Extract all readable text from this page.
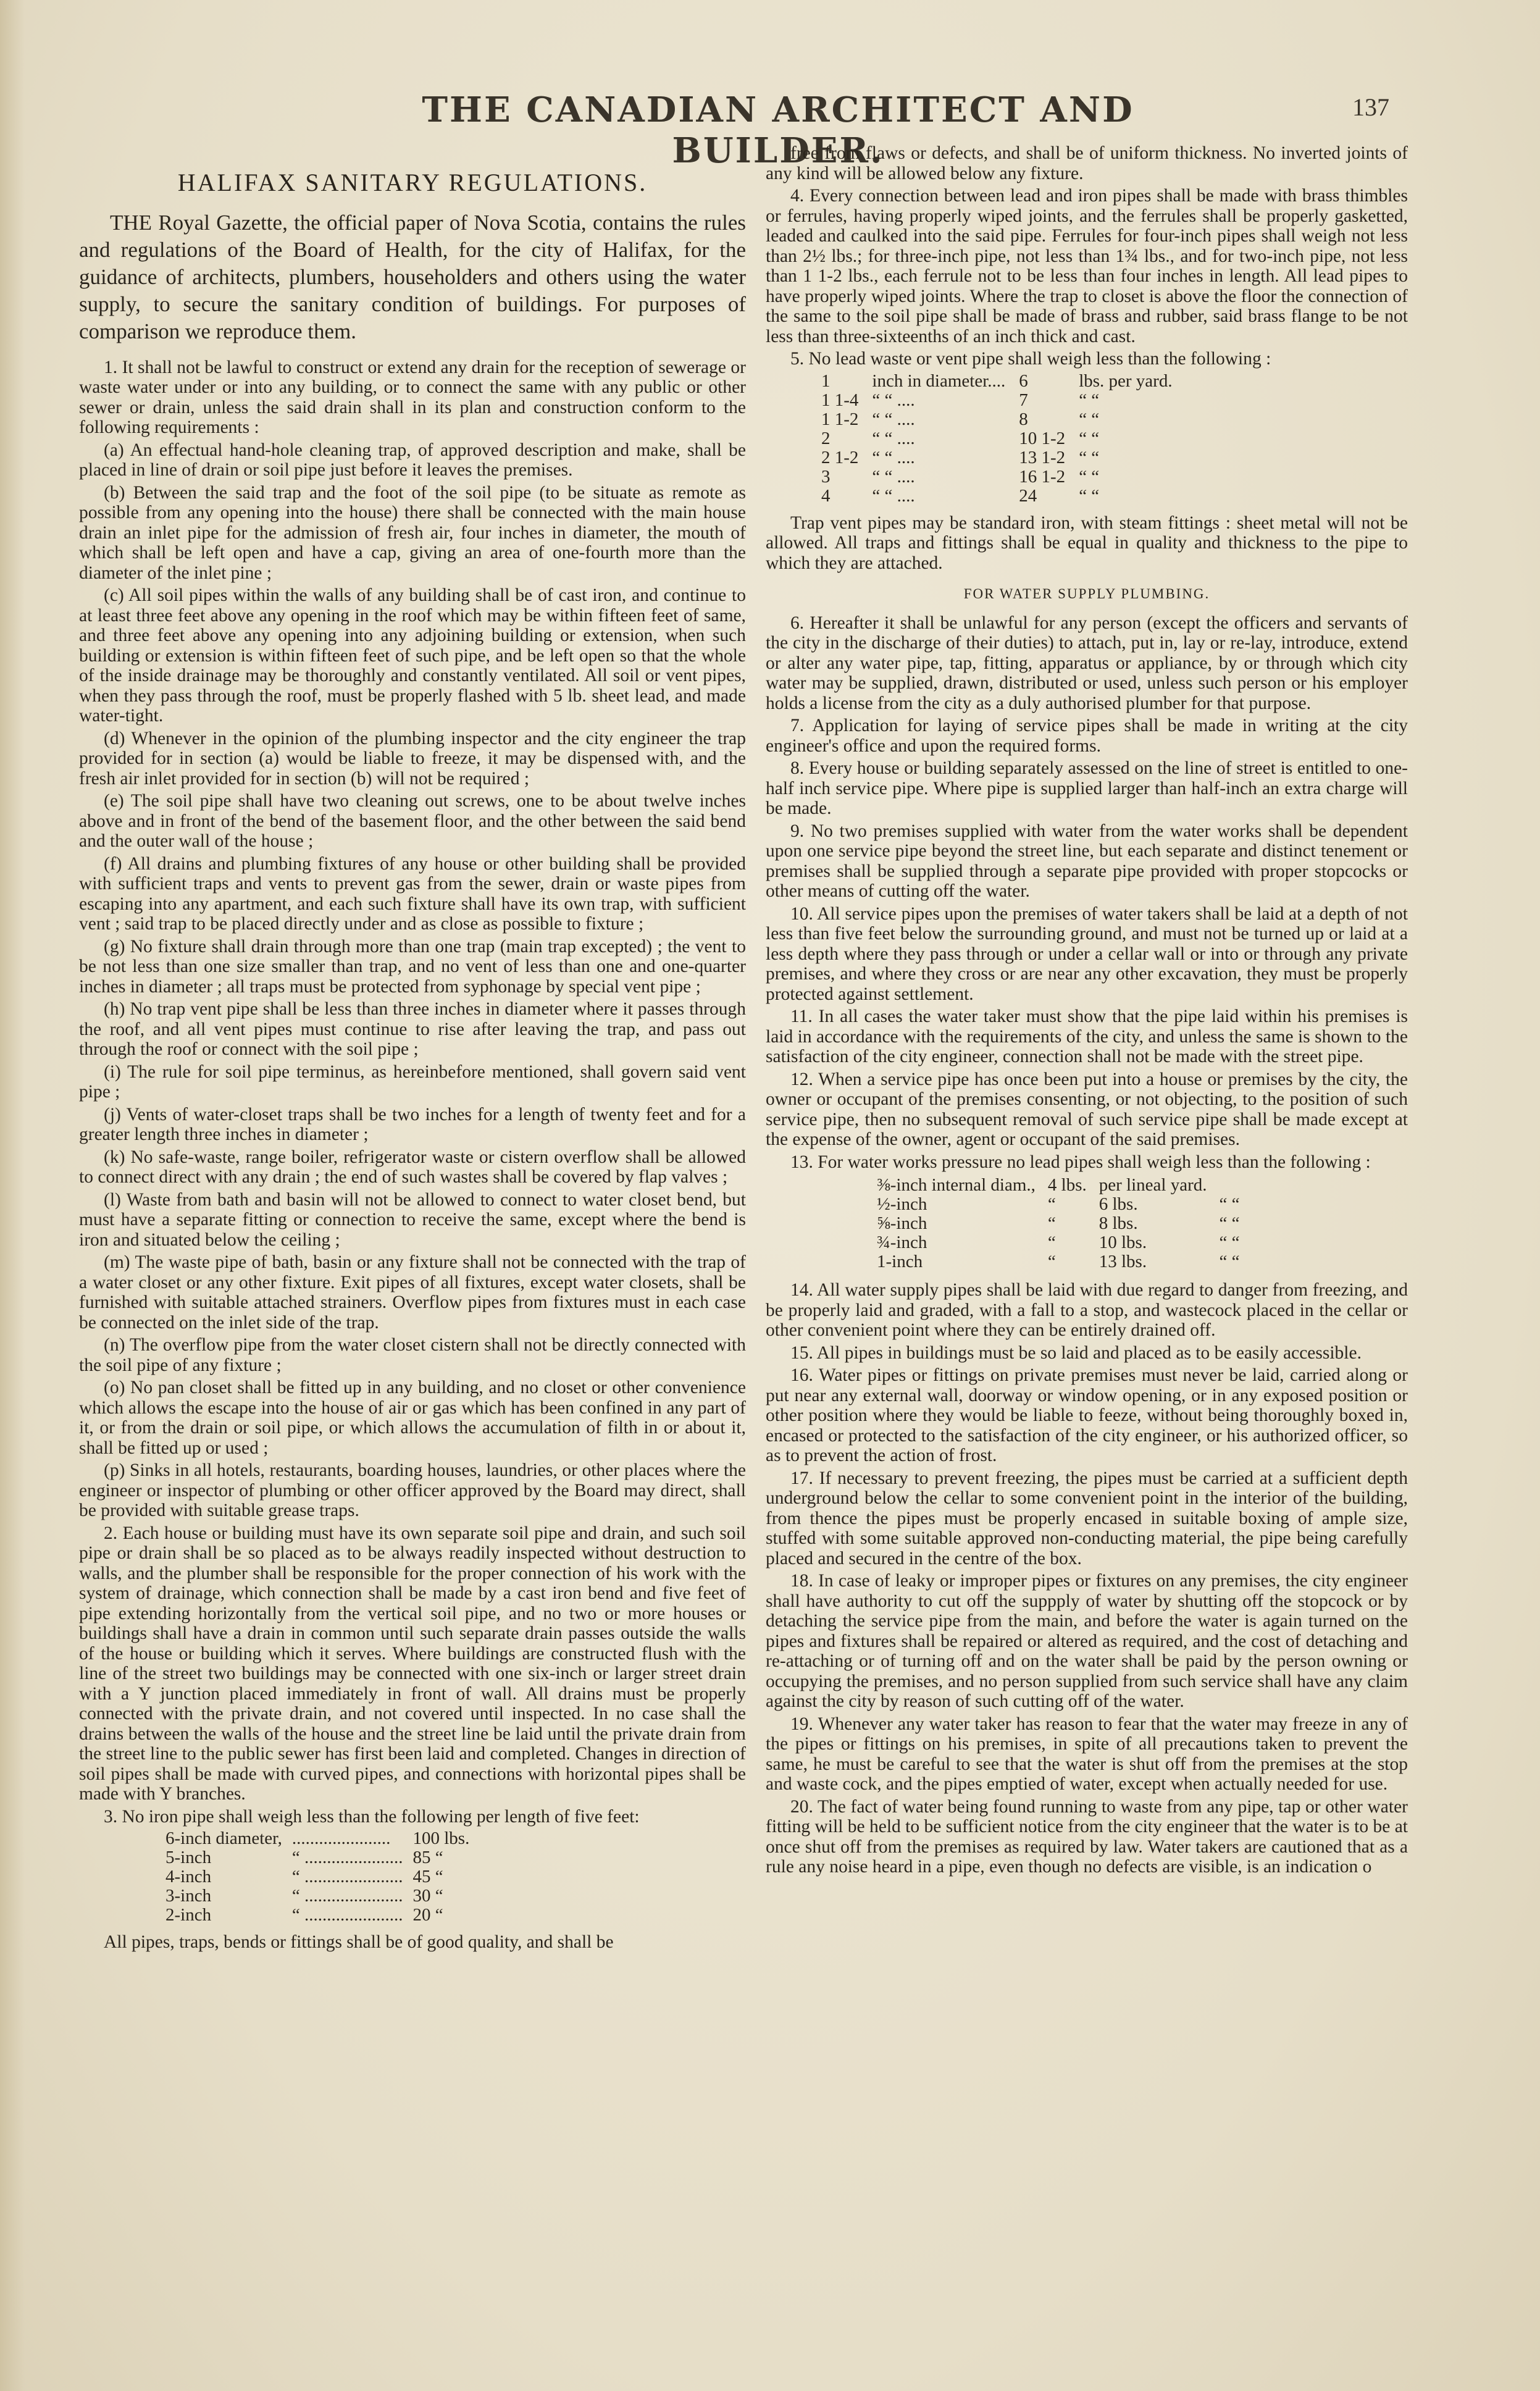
THE CANADIAN ARCHITECT AND BUILDER.
137
HALIFAX SANITARY REGULATIONS.

THE Royal Gazette, the official paper of Nova Scotia, contains the rules and regulations of the Board of Health, for the city of Halifax, for the guidance of architects, plumbers, householders and others using the water supply, to secure the sanitary condition of buildings. For purposes of comparison we reproduce them.

1. It shall not be lawful to construct or extend any drain for the reception of sewerage or waste water under or into any building, or to connect the same with any public or other sewer or drain, unless the said drain shall in its plan and construction conform to the following requirements :

(a) An effectual hand-hole cleaning trap, of approved description and make, shall be placed in line of drain or soil pipe just before it leaves the premises.

(b) Between the said trap and the foot of the soil pipe (to be situate as remote as possible from any opening into the house) there shall be connected with the main house drain an inlet pipe for the admission of fresh air, four inches in diameter, the mouth of which shall be left open and have a cap, giving an area of one-fourth more than the diameter of the inlet pine ;

(c) All soil pipes within the walls of any building shall be of cast iron, and continue to at least three feet above any opening in the roof which may be within fifteen feet of same, and three feet above any opening into any adjoining building or extension, when such building or extension is within fifteen feet of such pipe, and be left open so that the whole of the inside drainage may be thoroughly and constantly ventilated. All soil or vent pipes, when they pass through the roof, must be properly flashed with 5 lb. sheet lead, and made water-tight.

(d) Whenever in the opinion of the plumbing inspector and the city engineer the trap provided for in section (a) would be liable to freeze, it may be dispensed with, and the fresh air inlet provided for in section (b) will not be required ;

(e) The soil pipe shall have two cleaning out screws, one to be about twelve inches above and in front of the bend of the basement floor, and the other between the said bend and the outer wall of the house ;

(f) All drains and plumbing fixtures of any house or other building shall be provided with sufficient traps and vents to prevent gas from the sewer, drain or waste pipes from escaping into any apartment, and each such fixture shall have its own trap, with sufficient vent ; said trap to be placed directly under and as close as possible to fixture ;

(g) No fixture shall drain through more than one trap (main trap excepted) ; the vent to be not less than one size smaller than trap, and no vent of less than one and one-quarter inches in diameter ; all traps must be protected from syphonage by special vent pipe ;

(h) No trap vent pipe shall be less than three inches in diameter where it passes through the roof, and all vent pipes must continue to rise after leaving the trap, and pass out through the roof or connect with the soil pipe ;

(i) The rule for soil pipe terminus, as hereinbefore mentioned, shall govern said vent pipe ;

(j) Vents of water-closet traps shall be two inches for a length of twenty feet and for a greater length three inches in diameter ;

(k) No safe-waste, range boiler, refrigerator waste or cistern overflow shall be allowed to connect direct with any drain ; the end of such wastes shall be covered by flap valves ;

(l) Waste from bath and basin will not be allowed to connect to water closet bend, but must have a separate fitting or connection to receive the same, except where the bend is iron and situated below the ceiling ;

(m) The waste pipe of bath, basin or any fixture shall not be connected with the trap of a water closet or any other fixture. Exit pipes of all fixtures, except water closets, shall be furnished with suitable attached strainers. Overflow pipes from fixtures must in each case be connected on the inlet side of the trap.

(n) The overflow pipe from the water closet cistern shall not be directly connected with the soil pipe of any fixture ;

(o) No pan closet shall be fitted up in any building, and no closet or other convenience which allows the escape into the house of air or gas which has been confined in any part of it, or from the drain or soil pipe, or which allows the accumulation of filth in or about it, shall be fitted up or used ;

(p) Sinks in all hotels, restaurants, boarding houses, laundries, or other places where the engineer or inspector of plumbing or other officer approved by the Board may direct, shall be provided with suitable grease traps.

2. Each house or building must have its own separate soil pipe and drain, and such soil pipe or drain shall be so placed as to be always readily inspected without destruction to walls, and the plumber shall be responsible for the proper connection of his work with the system of drainage, which connection shall be made by a cast iron bend and five feet of pipe extending horizontally from the vertical soil pipe, and no two or more houses or buildings shall have a drain in common until such separate drain passes outside the walls of the house or building which it serves. Where buildings are constructed flush with the line of the street two buildings may be connected with one six-inch or larger street drain with a Y junction placed immediately in front of wall. All drains must be properly connected with the private drain, and not covered until inspected. In no case shall the drains between the walls of the house and the street line be laid until the private drain from the street line to the public sewer has first been laid and completed. Changes in direction of soil pipes shall be made with curved pipes, and connections with horizontal pipes shall be made with Y branches.

3. No iron pipe shall weigh less than the following per length of five feet:

6-inch diameter,	......................	100 lbs.
5-inch	“ ......................	85 “
4-inch	“ ......................	45 “
3-inch	“ ......................	30 “
2-inch	“ ......................	20 “

All pipes, traps, bends or fittings shall be of good quality, and shall be

free from flaws or defects, and shall be of uniform thickness. No inverted joints of any kind will be allowed below any fixture.

4. Every connection between lead and iron pipes shall be made with brass thimbles or ferrules, having properly wiped joints, and the ferrules shall be properly gasketted, leaded and caulked into the said pipe. Ferrules for four-inch pipes shall weigh not less than 2½ lbs.; for three-inch pipe, not less than 1¾ lbs., and for two-inch pipe, not less than 1 1-2 lbs., each ferrule not to be less than four inches in length. All lead pipes to have properly wiped joints. Where the trap to closet is above the floor the connection of the same to the soil pipe shall be made of brass and rubber, said brass flange to be not less than three-sixteenths of an inch thick and cast.

5. No lead waste or vent pipe shall weigh less than the following :

1	inch in diameter....	6	lbs. per yard.
1 1-4	“ “ ....	7	“ “
1 1-2	“ “ ....	8	“ “
2	“ “ ....	10 1-2	“ “
2 1-2	“ “ ....	13 1-2	“ “
3	“ “ ....	16 1-2	“ “
4	“ “ ....	24	“ “

Trap vent pipes may be standard iron, with steam fittings : sheet metal will not be allowed. All traps and fittings shall be equal in quality and thickness to the pipe to which they are attached.

FOR WATER SUPPLY PLUMBING.

6. Hereafter it shall be unlawful for any person (except the officers and servants of the city in the discharge of their duties) to attach, put in, lay or re-lay, introduce, extend or alter any water pipe, tap, fitting, apparatus or appliance, by or through which city water may be supplied, drawn, distributed or used, unless such person or his employer holds a license from the city as a duly authorised plumber for that purpose.

7. Application for laying of service pipes shall be made in writing at the city engineer's office and upon the required forms.

8. Every house or building separately assessed on the line of street is entitled to one-half inch service pipe. Where pipe is supplied larger than half-inch an extra charge will be made.

9. No two premises supplied with water from the water works shall be dependent upon one service pipe beyond the street line, but each separate and distinct tenement or premises shall be supplied through a separate pipe provided with proper stopcocks or other means of cutting off the water.

10. All service pipes upon the premises of water takers shall be laid at a depth of not less than five feet below the surrounding ground, and must not be turned up or laid at a less depth where they pass through or under a cellar wall or into or through any private premises, and where they cross or are near any other excavation, they must be properly protected against settlement.

11. In all cases the water taker must show that the pipe laid within his premises is laid in accordance with the requirements of the city, and unless the same is shown to the satisfaction of the city engineer, connection shall not be made with the street pipe.

12. When a service pipe has once been put into a house or premises by the city, the owner or occupant of the premises consenting, or not objecting, to the position of such service pipe, then no subsequent removal of such service pipe shall be made except at the expense of the owner, agent or occupant of the said premises.

13. For water works pressure no lead pipes shall weigh less than the following :

⅜-inch internal diam.,	4 lbs.	per lineal yard.	
½-inch	“	6 lbs.	“ “
⅝-inch	“	8 lbs.	“ “
¾-inch	“	10 lbs.	“ “
1-inch	“	13 lbs.	“ “

14. All water supply pipes shall be laid with due regard to danger from freezing, and be properly laid and graded, with a fall to a stop, and wastecock placed in the cellar or other convenient point where they can be entirely drained off.

15. All pipes in buildings must be so laid and placed as to be easily accessible.

16. Water pipes or fittings on private premises must never be laid, carried along or put near any external wall, doorway or window opening, or in any exposed position or other position where they would be liable to feeze, without being thoroughly boxed in, encased or protected to the satisfaction of the city engineer, or his authorized officer, so as to prevent the action of frost.

17. If necessary to prevent freezing, the pipes must be carried at a sufficient depth underground below the cellar to some convenient point in the interior of the building, from thence the pipes must be properly encased in suitable boxing of ample size, stuffed with some suitable approved non-conducting material, the pipe being carefully placed and secured in the centre of the box.

18. In case of leaky or improper pipes or fixtures on any premises, the city engineer shall have authority to cut off the suppply of water by shutting off the stopcock or by detaching the service pipe from the main, and before the water is again turned on the pipes and fixtures shall be repaired or altered as required, and the cost of detaching and re-attaching or of turning off and on the water shall be paid by the person owning or occupying the premises, and no person supplied from such service shall have any claim against the city by reason of such cutting off of the water.

19. Whenever any water taker has reason to fear that the water may freeze in any of the pipes or fittings on his premises, in spite of all precautions taken to prevent the same, he must be careful to see that the water is shut off from the premises at the stop and waste cock, and the pipes emptied of water, except when actually needed for use.

20. The fact of water being found running to waste from any pipe, tap or other water fitting will be held to be sufficient notice from the city engineer that the water is to be at once shut off from the premises as required by law. Water takers are cautioned that as a rule any noise heard in a pipe, even though no defects are visible, is an indication o
